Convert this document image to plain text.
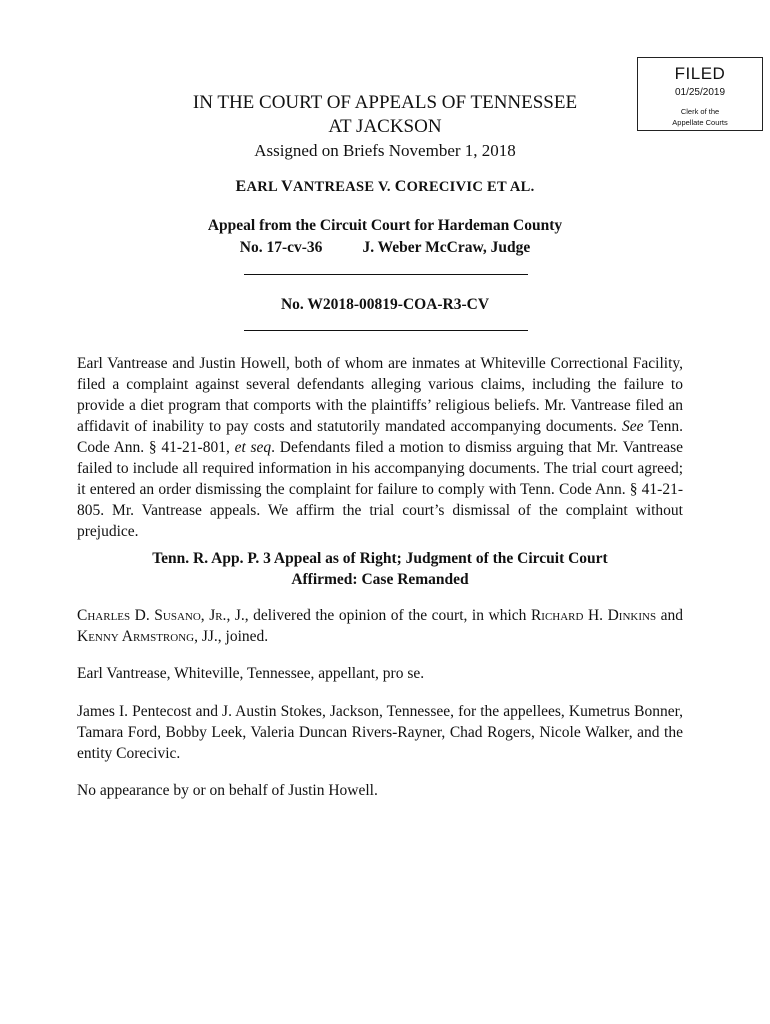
FILED
01/25/2019
Clerk of the
Appellate Courts
IN THE COURT OF APPEALS OF TENNESSEE
AT JACKSON
Assigned on Briefs November 1, 2018
EARL VANTREASE V. CORECIVIC ET AL.
Appeal from the Circuit Court for Hardeman County
No. 17-cv-36	J. Weber McCraw, Judge
No. W2018-00819-COA-R3-CV
Earl Vantrease and Justin Howell, both of whom are inmates at Whiteville Correctional Facility, filed a complaint against several defendants alleging various claims, including the failure to provide a diet program that comports with the plaintiffs’ religious beliefs. Mr. Vantrease filed an affidavit of inability to pay costs and statutorily mandated accompanying documents. See Tenn. Code Ann. § 41-21-801, et seq. Defendants filed a motion to dismiss arguing that Mr. Vantrease failed to include all required information in his accompanying documents. The trial court agreed; it entered an order dismissing the complaint for failure to comply with Tenn. Code Ann. § 41-21-805. Mr. Vantrease appeals. We affirm the trial court’s dismissal of the complaint without prejudice.
Tenn. R. App. P. 3 Appeal as of Right; Judgment of the Circuit Court
Affirmed: Case Remanded
Charles D. Susano, Jr., J., delivered the opinion of the court, in which Richard H. Dinkins and Kenny Armstrong, JJ., joined.
Earl Vantrease, Whiteville, Tennessee, appellant, pro se.
James I. Pentecost and J. Austin Stokes, Jackson, Tennessee, for the appellees, Kumetrus Bonner, Tamara Ford, Bobby Leek, Valeria Duncan Rivers-Rayner, Chad Rogers, Nicole Walker, and the entity Corecivic.
No appearance by or on behalf of Justin Howell.
